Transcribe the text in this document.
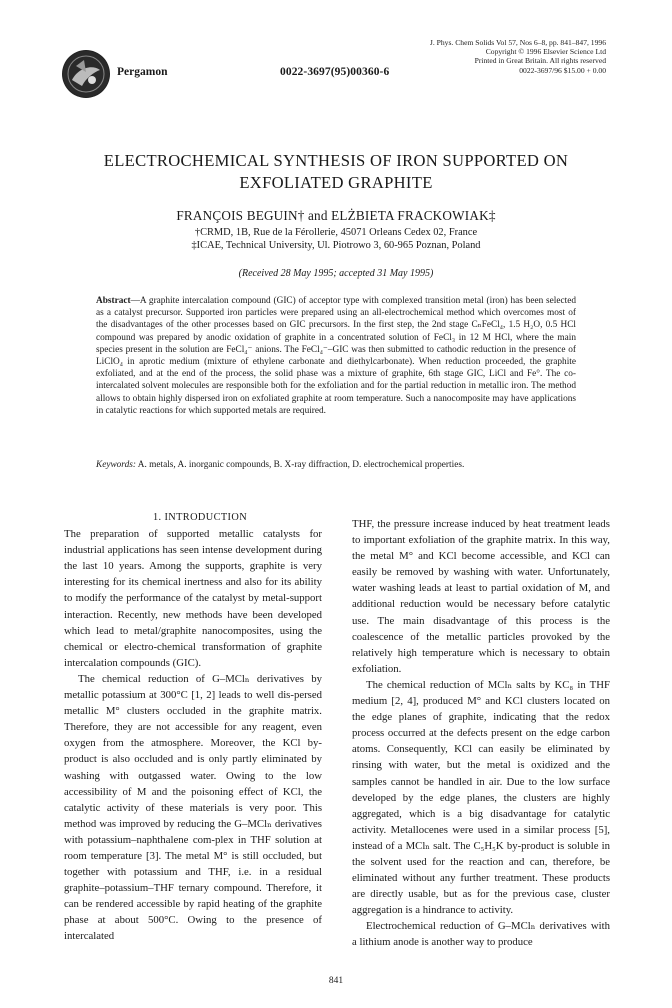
Pergamon	0022-3697(95)00360-6
J. Phys. Chem Solids Vol 57, Nos 6–8, pp. 841–847, 1996
Copyright © 1996 Elsevier Science Ltd
Printed in Great Britain. All rights reserved
0022-3697/96 $15.00 + 0.00
ELECTROCHEMICAL SYNTHESIS OF IRON SUPPORTED ON
EXFOLIATED GRAPHITE
FRANÇOIS BEGUIN† and ELŻBIETA FRACKOWIAK‡
†CRMD, 1B, Rue de la Férollerie, 45071 Orleans Cedex 02, France
‡ICAE, Technical University, Ul. Piotrowo 3, 60-965 Poznan, Poland
(Received 28 May 1995; accepted 31 May 1995)
Abstract—A graphite intercalation compound (GIC) of acceptor type with complexed transition metal (iron) has been selected as a catalyst precursor. Supported iron particles were prepared using an all-electrochemical method which overcomes most of the disadvantages of the other processes based on GIC precursors. In the first step, the 2nd stage CₙFeCl₄, 1.5 H₂O, 0.5 HCl compound was prepared by anodic oxidation of graphite in a concentrated solution of FeCl₃ in 12 M HCl, where the main species present in the solution are FeCl₄⁻ anions. The FeCl₄⁻–GIC was then submitted to cathodic reduction in the presence of LiClO₄ in aprotic medium (mixture of ethylene carbonate and diethylcarbonate). When reduction proceeded, the graphite exfoliated, and at the end of the process, the solid phase was a mixture of graphite, 6th stage GIC, LiCl and Fe°. The co-intercalated solvent molecules are responsible both for the exfoliation and for the partial reduction in metallic iron. The method allows to obtain highly dispersed iron on exfoliated graphite at room temperature. Such a nanocomposite may have applications in catalytic reactions for which supported metals are required.
Keywords: A. metals, A. inorganic compounds, B. X-ray diffraction, D. electrochemical properties.

1. INTRODUCTION

The preparation of supported metallic catalysts for industrial applications has seen intense development during the last 10 years. Among the supports, graphite is very interesting for its chemical inertness and also for its ability to modify the performance of the catalyst by metal-support interaction. Recently, new methods have been developed which lead to metal/graphite nanocomposites, using the chemical or electro-chemical transformation of graphite intercalation compounds (GIC).

The chemical reduction of G–MClₙ derivatives by metallic potassium at 300°C [1, 2] leads to well dis-persed metallic M° clusters occluded in the graphite matrix. Therefore, they are not accessible for any reagent, even oxygen from the atmosphere. Moreover, the KCl by-product is also occluded and is only partly eliminated by washing with outgassed water. Owing to the low accessibility of M and the poisoning effect of KCl, the catalytic activity of these materials is very poor. This method was improved by reducing the G–MClₙ derivatives with potassium–naphthalene com-plex in THF solution at room temperature [3]. The metal M° is still occluded, but together with potassium and THF, i.e. in a residual graphite–potassium–THF ternary compound. Therefore, it can be rendered accessible by rapid heating of the graphite phase at about 500°C. Owing to the presence of intercalated

THF, the pressure increase induced by heat treatment leads to important exfoliation of the graphite matrix. In this way, the metal M° and KCl become accessible, and KCl can easily be removed by washing with water. Unfortunately, water washing leads at least to partial oxidation of M, and additional reduction would be necessary before catalytic use. The main disadvantage of this process is the coalescence of the metallic particles provoked by the relatively high temperature which is necessary to obtain exfoliation.

The chemical reduction of MClₙ salts by KC₈ in THF medium [2, 4], produced M° and KCl clusters located on the edge planes of graphite, indicating that the redox process occurred at the defects present on the edge carbon atoms. Consequently, KCl can easily be eliminated by rinsing with water, but the metal is oxidized and the samples cannot be handled in air. Due to the low surface developed by the edge planes, the clusters are highly aggregated, which is a big disadvantage for catalytic activity. Metallocenes were used in a similar process [5], instead of a MClₙ salt. The C₅H₅K by-product is soluble in the solvent used for the reaction and can, therefore, be eliminated without any further treatment. These products are directly usable, but as for the previous case, cluster aggregation is a hindrance to activity.

Electrochemical reduction of G–MClₙ derivatives with a lithium anode is another way to produce

841
